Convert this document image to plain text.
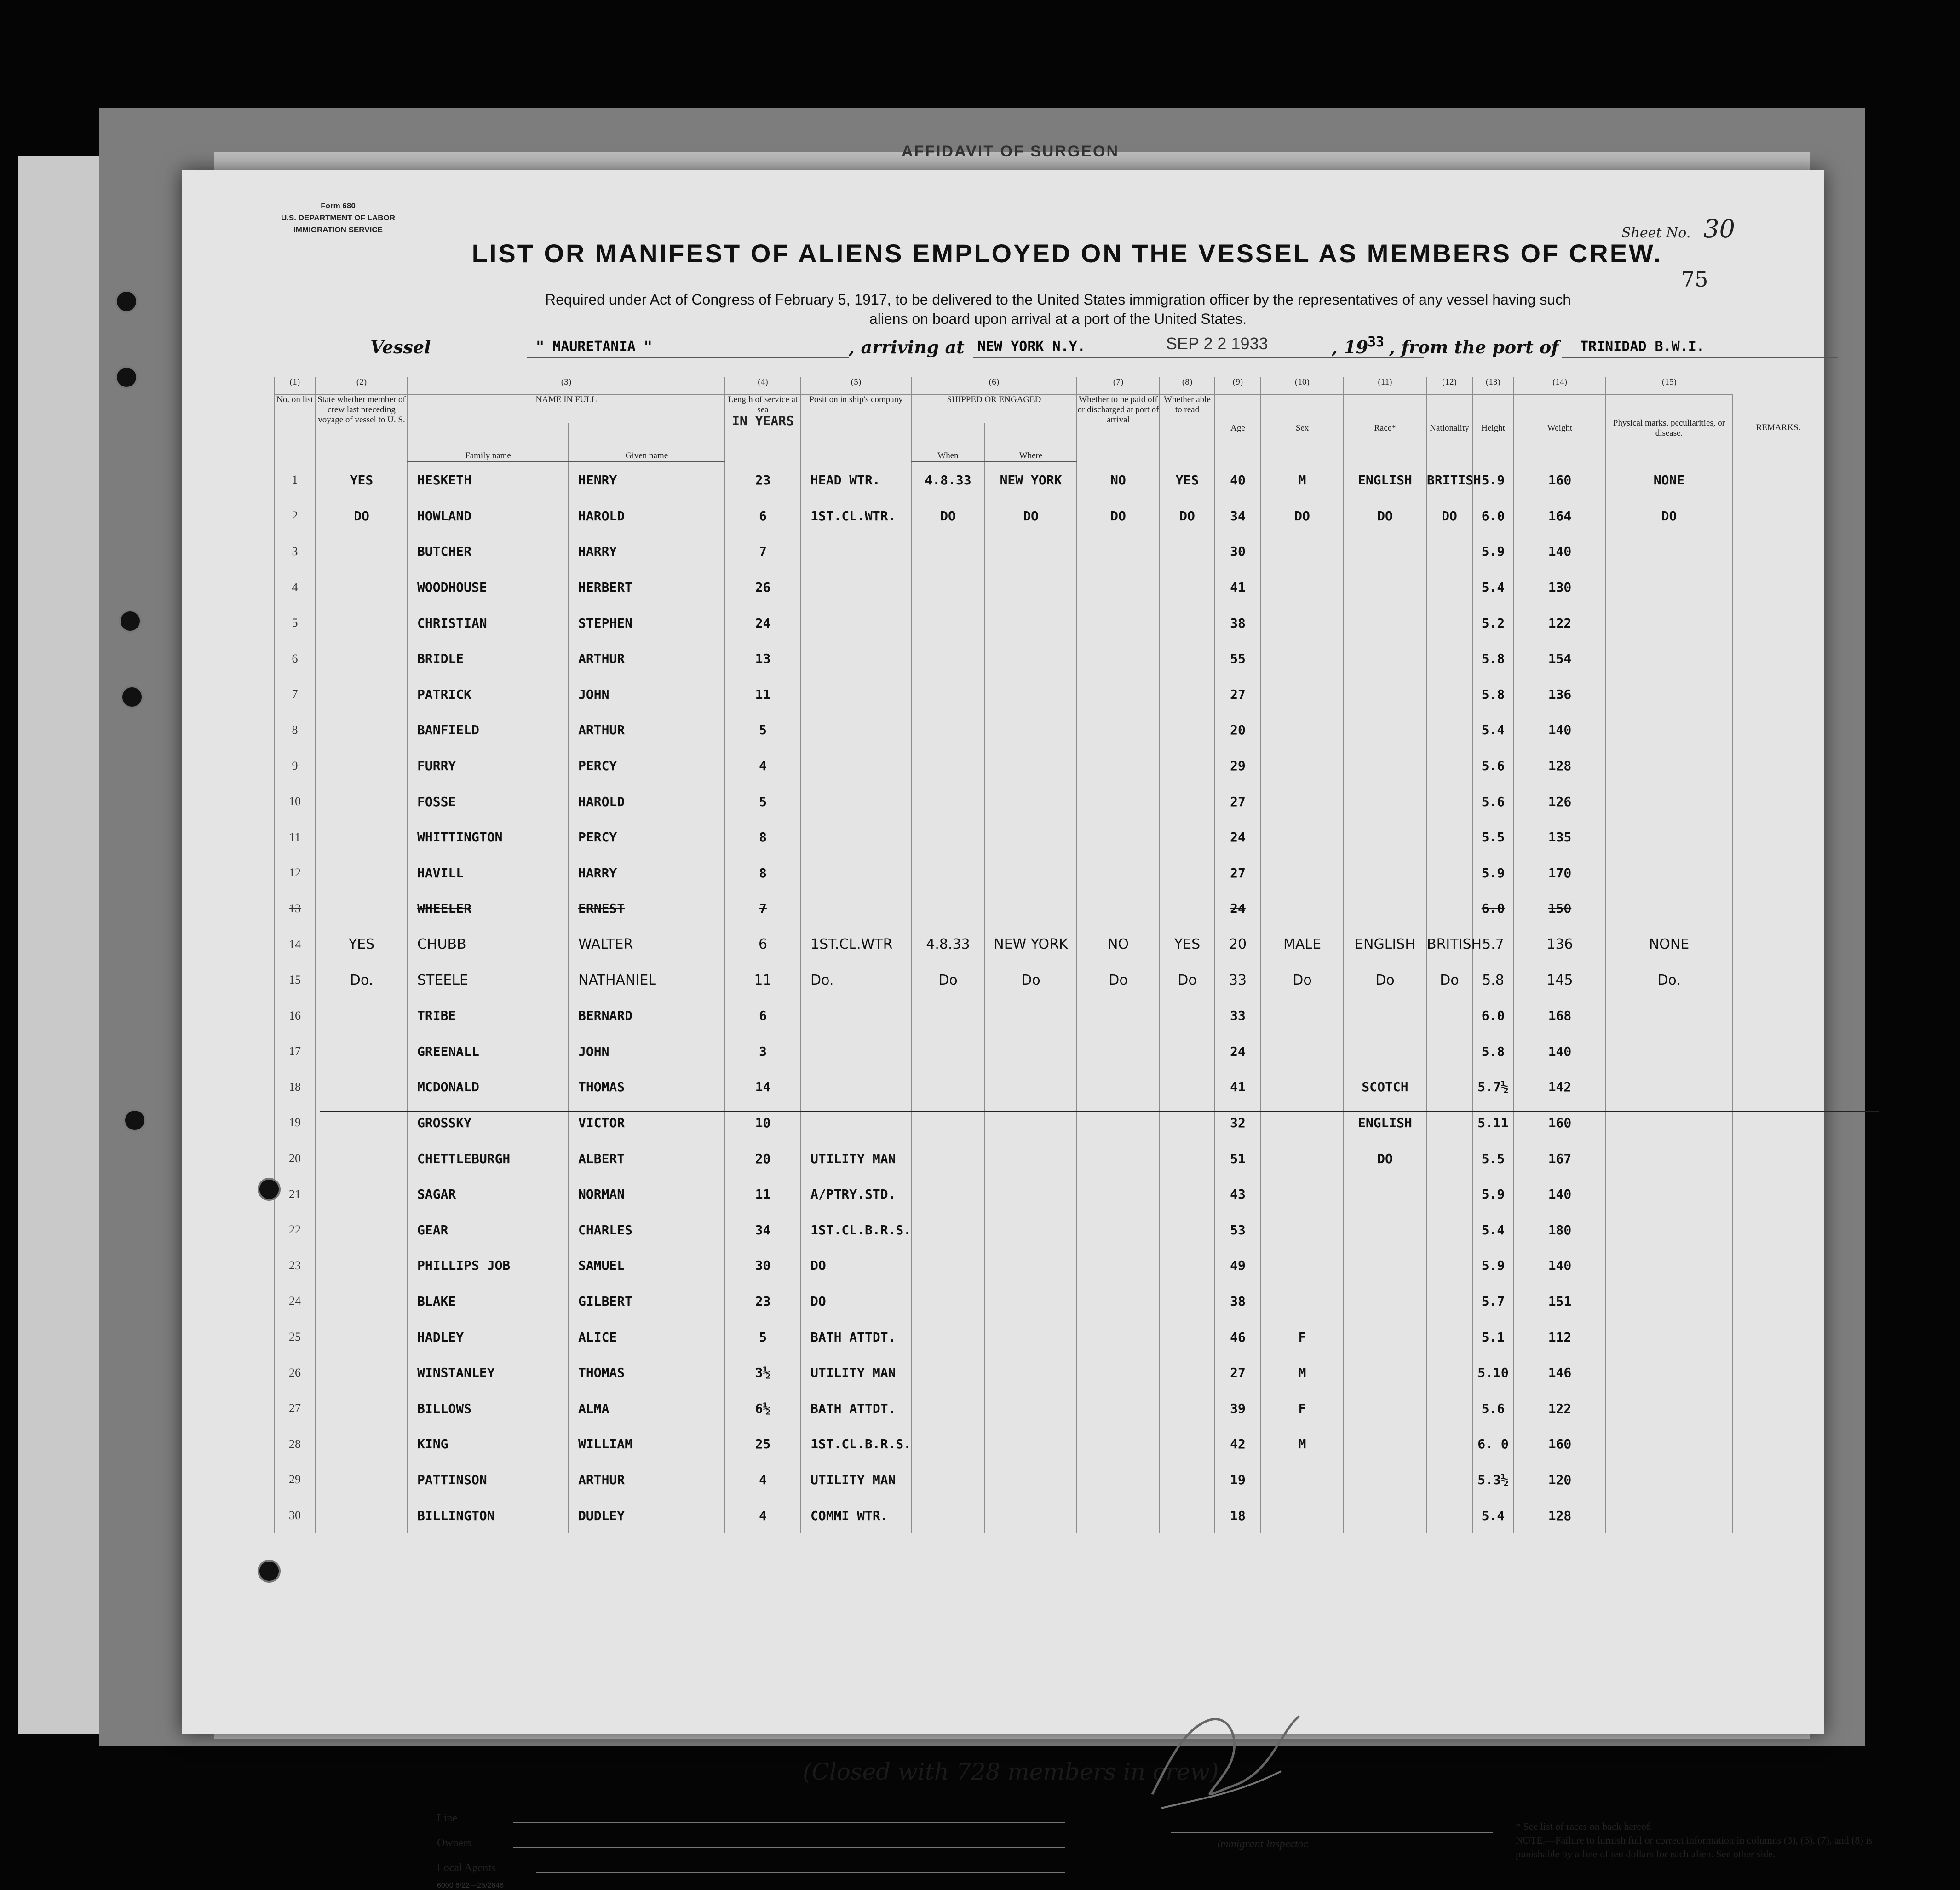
AFFIDAVIT OF SURGEON
Form 680
U.S. DEPARTMENT OF LABOR
IMMIGRATION SERVICE	Sheet No. 30
75
LIST OR MANIFEST OF ALIENS EMPLOYED ON THE VESSEL AS MEMBERS OF CREW.
Required under Act of Congress of February 5, 1917, to be delivered to the United States immigration officer by the representatives of any vessel having such
aliens on board upon arrival at a port of the United States.
Vessel	" MAURETANIA "	, arriving at NEW YORK N.Y.	SEP 2 2 1933	, 19
33 , from the port of TRINIDAD B.W.I.
(1)	(2)	(3)		(4)	(5)	(6)		(7)	(8)	(9)	(10)	(11)	(12)	(13)	(14)	(15)	
No. on list	State whether member of crew last preceding voyage of vessel to U. S.	NAME IN FULL		Length of service at sea
IN YEARS	Position in ship's company	SHIPPED OR ENGAGED		Whether to be paid off or discharged at port of arrival	Whether able to read	Age	Sex	Race*	Nationality	Height	Weight	Physical marks, peculiarities, or disease.	REMARKS.
		Family name	Given name			When	Where										
1	YES	HESKETH	HENRY	23	HEAD WTR.	4.8.33	NEW YORK	NO	YES	40	M	ENGLISH	BRITISH	5.9	160	NONE	
2	DO	HOWLAND	HAROLD	6	1ST.CL.WTR.	DO	DO	DO	DO	34	DO	DO	DO	6.0	164	DO	
3		BUTCHER	HARRY	7						30				5.9	140		
4		WOODHOUSE	HERBERT	26						41				5.4	130		
5		CHRISTIAN	STEPHEN	24						38				5.2	122		
6		BRIDLE	ARTHUR	13						55				5.8	154		
7		PATRICK	JOHN	11						27				5.8	136		
8		BANFIELD	ARTHUR	5						20				5.4	140		
9		FURRY	PERCY	4						29				5.6	128		
10		FOSSE	HAROLD	5						27				5.6	126		
11		WHITTINGTON	PERCY	8						24				5.5	135		
12		HAVILL	HARRY	8						27				5.9	170		
13		WHEELER	ERNEST	7						24				6.0	150		
14	YES	CHUBB	WALTER	6	1ST.CL.WTR	4.8.33	NEW YORK	NO	YES	20	MALE	ENGLISH	BRITISH	5.7	136	NONE	
15	Do.	STEELE	NATHANIEL	11	Do.	Do	Do	Do	Do	33	Do	Do	Do	5.8	145	Do.	
16		TRIBE	BERNARD	6						33				6.0	168		
17		GREENALL	JOHN	3						24				5.8	140		
18		MCDONALD	THOMAS	14						41		SCOTCH		5.7½	142		
19		GROSSKY	VICTOR	10						32		ENGLISH		5.11	160		
20		CHETTLEBURGH	ALBERT	20	UTILITY MAN					51		DO		5.5	167		
21		SAGAR	NORMAN	11	A/PTRY.STD.					43				5.9	140		
22		GEAR	CHARLES	34	1ST.CL.B.R.S.					53				5.4	180		
23		PHILLIPS JOB	SAMUEL	30	DO					49				5.9	140		
24		BLAKE	GILBERT	23	DO					38				5.7	151		
25		HADLEY	ALICE	5	BATH ATTDT.					46	F			5.1	112		
26		WINSTANLEY	THOMAS	3½	UTILITY MAN					27	M			5.10	146		
27		BILLOWS	ALMA	6½	BATH ATTDT.					39	F			5.6	122		
28		KING	WILLIAM	25	1ST.CL.B.R.S.					42	M			6. 0	160		
29		PATTINSON	ARTHUR	4	UTILITY MAN					19				5.3½	120		
30		BILLINGTON	DUDLEY	4	COMMI WTR.					18				5.4	128		
(Closed with 728 members in crew)
Line
Owners
Local Agents
6000 6/22—25/2846
Immigrant Inspector.
* See list of races on back hereof.
NOTE.—Failure to furnish full or correct information in columns (3), (6), (7), and (8) is punishable by a fine of ten dollars for each alien. See other side.
